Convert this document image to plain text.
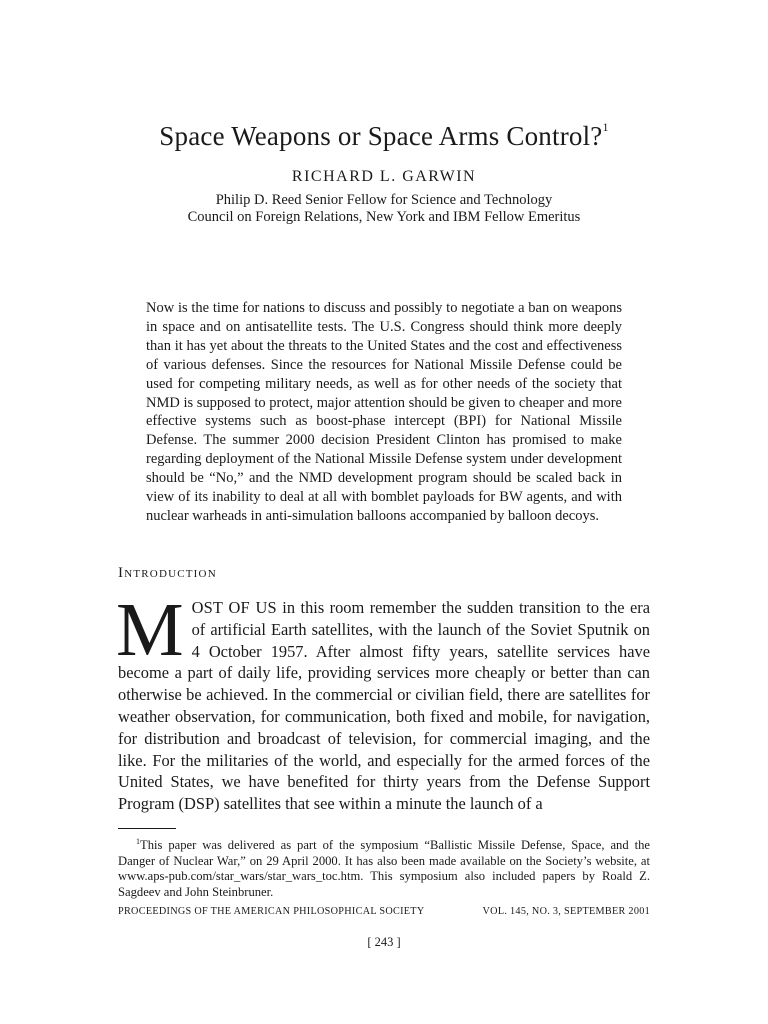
Space Weapons or Space Arms Control?$^1$
RICHARD L. GARWIN
Philip D. Reed Senior Fellow for Science and Technology
Council on Foreign Relations, New York and IBM Fellow Emeritus

Now is the time for nations to discuss and possibly to negotiate a ban on weapons in space and on antisatellite tests. The U.S. Congress should think more deeply than it has yet about the threats to the United States and the cost and effectiveness of various defenses. Since the resources for National Missile Defense could be used for competing military needs, as well as for other needs of the society that NMD is supposed to protect, major attention should be given to cheaper and more effective systems such as boost-phase intercept (BPI) for National Missile Defense. The summer 2000 decision President Clinton has promised to make regarding deployment of the National Missile Defense system under development should be “No,” and the NMD development program should be scaled back in view of its inability to deal at all with bomblet payloads for BW agents, and with nuclear warheads in anti-simulation balloons accompanied by balloon decoys.

Introduction

MOST OF US in this room remember the sudden transition to the era of artificial Earth satellites, with the launch of the Soviet Sputnik on 4 October 1957. After almost fifty years, satellite services have become a part of daily life, providing services more cheaply or better than can otherwise be achieved. In the commercial or civilian field, there are satellites for weather observation, for communication, both fixed and mobile, for navigation, for distribution and broadcast of television, for commercial imaging, and the like. For the militaries of the world, and especially for the armed forces of the United States, we have benefited for thirty years from the Defense Support Program (DSP) satellites that see within a minute the launch of a

$^1$This paper was delivered as part of the symposium “Ballistic Missile Defense, Space, and the Danger of Nuclear War,” on 29 April 2000. It has also been made available on the Society’s website, at www.aps-pub.com/star_wars/star_wars_toc.htm. This symposium also included papers by Roald Z. Sagdeev and John Steinbruner.

PROCEEDINGS OF THE AMERICAN PHILOSOPHICAL SOCIETY	VOL. 145, NO. 3, SEPTEMBER 2001
[ 243 ]
